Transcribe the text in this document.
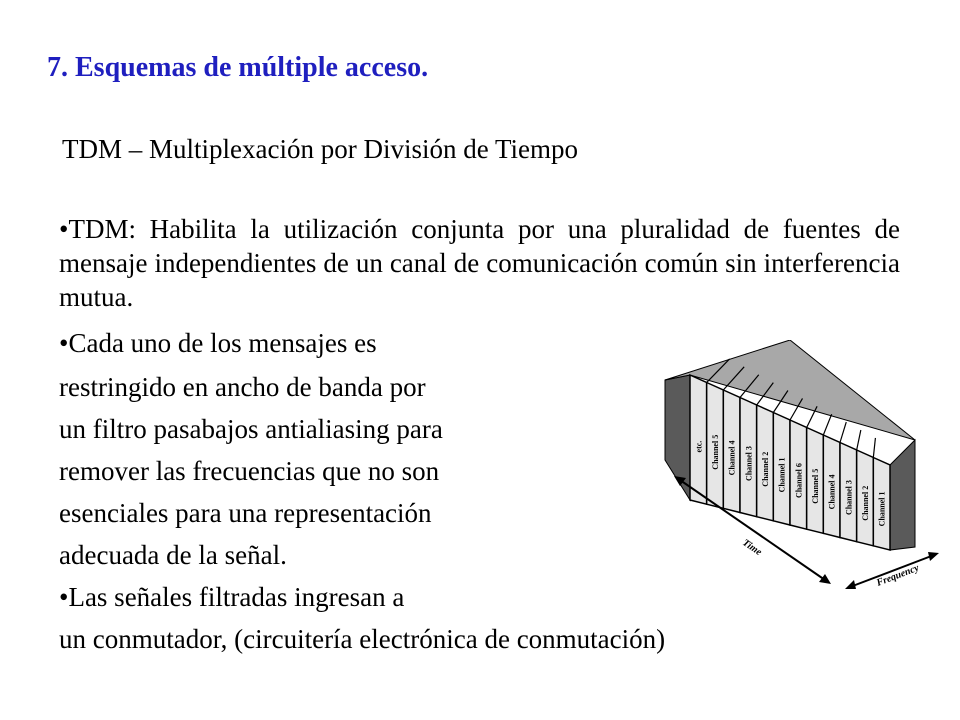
7. Esquemas de múltiple acceso.
TDM – Multiplexación por División de Tiempo
•TDM: Habilita la utilización conjunta por una pluralidad de fuentes de mensaje independientes de un canal de comunicación común sin interferencia mutua.
•Cada uno de los mensajes es
restringido en ancho de banda por
un filtro pasabajos antialiasing para
remover las frecuencias que no son
esenciales para una representación
adecuada de la señal.
•Las señales filtradas ingresan a
un conmutador, (circuitería electrónica de conmutación)
etc. Channel 5 Channel 4 Channel 3 Channel 2 Channel 1 Channel 6 Channel 5 Channel 4 Channel 3 Channel 2 Channel 1
Time
Frequency
